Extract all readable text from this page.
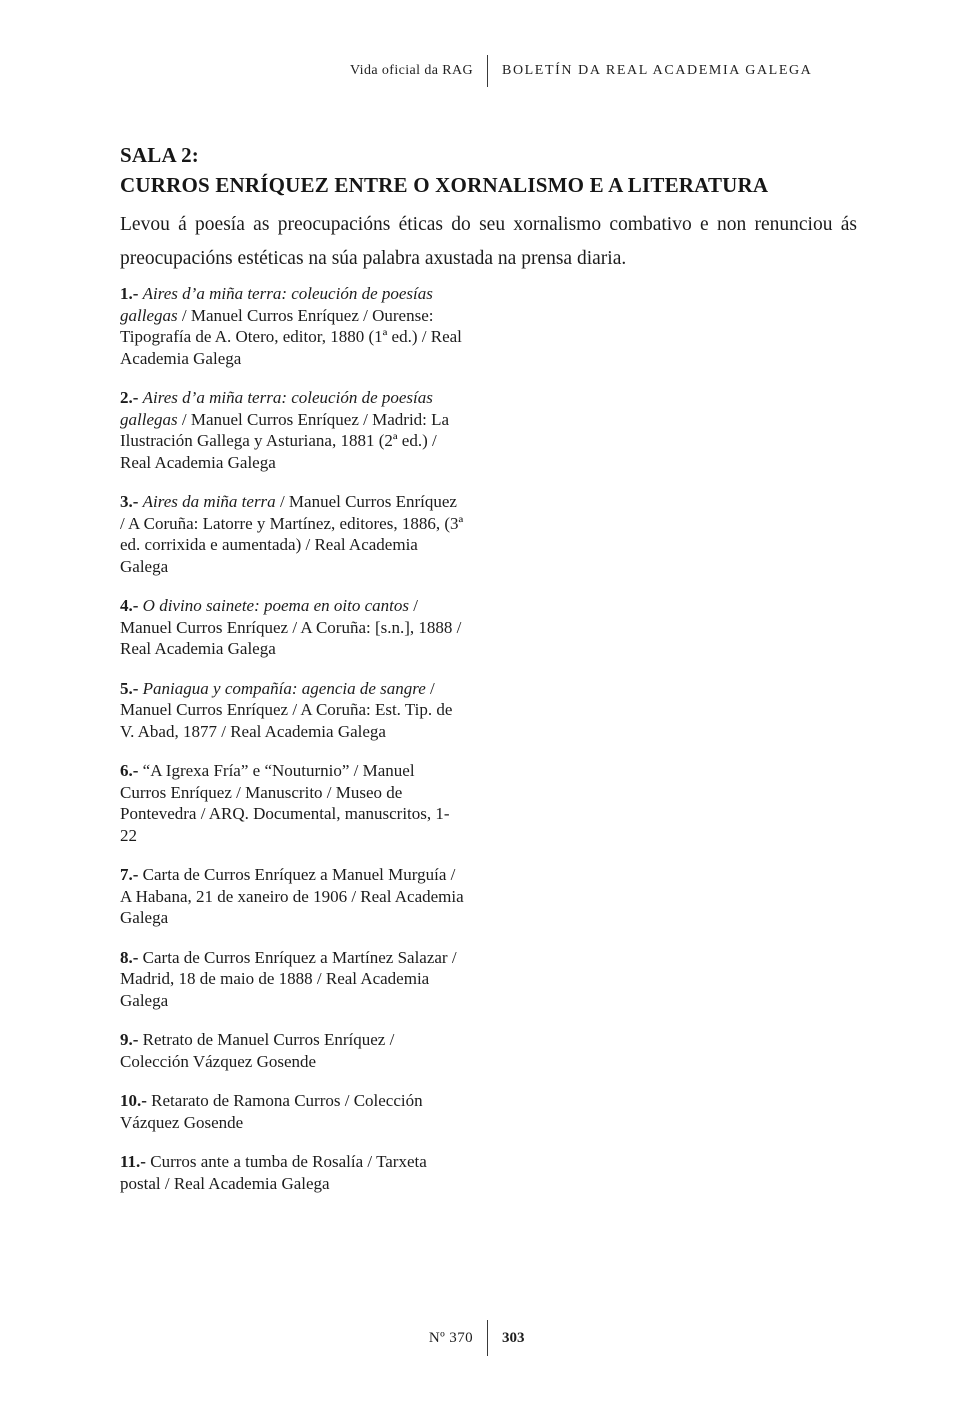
Vida oficial da RAG BOLETÍN DA REAL ACADEMIA GALEGA
SALA 2:
CURROS ENRÍQUEZ ENTRE O XORNALISMO E A LITERATURA

Levou á poesía as preocupacións éticas do seu xornalismo combativo e non renunciou ás preocupacións estéticas na súa palabra axustada na prensa diaria.

1.- Aires d’a miña terra: coleución de poesías gallegas / Manuel Curros Enríquez / Ourense: Tipografía de A. Otero, editor, 1880 (1ª ed.) / Real Academia Galega
2.- Aires d’a miña terra: coleución de poesías gallegas / Manuel Curros Enríquez / Madrid: La Ilustración Gallega y Asturiana, 1881 (2ª ed.) / Real Academia Galega
3.- Aires da miña terra / Manuel Curros Enríquez / A Coruña: Latorre y Martínez, editores, 1886, (3ª ed. corrixida e aumentada) / Real Academia Galega
4.- O divino sainete: poema en oito cantos / Manuel Curros Enríquez / A Coruña: [s.n.], 1888 / Real Academia Galega
5.- Paniagua y compañía: agencia de sangre / Manuel Curros Enríquez / A Coruña: Est. Tip. de V. Abad, 1877 / Real Academia Galega
6.- “A Igrexa Fría” e “Nouturnio” / Manuel Curros Enríquez / Manuscrito / Museo de Pontevedra / ARQ. Documental, manuscritos, 1-22
7.- Carta de Curros Enríquez a Manuel Murguía / A Habana, 21 de xaneiro de 1906 / Real Academia Galega
8.- Carta de Curros Enríquez a Martínez Salazar / Madrid, 18 de maio de 1888 / Real Academia Galega
9.- Retrato de Manuel Curros Enríquez / Colección Vázquez Gosende
10.- Retarato de Ramona Curros / Colección Vázquez Gosende
11.- Curros ante a tumba de Rosalía / Tarxeta postal / Real Academia Galega
Nº 370 303
